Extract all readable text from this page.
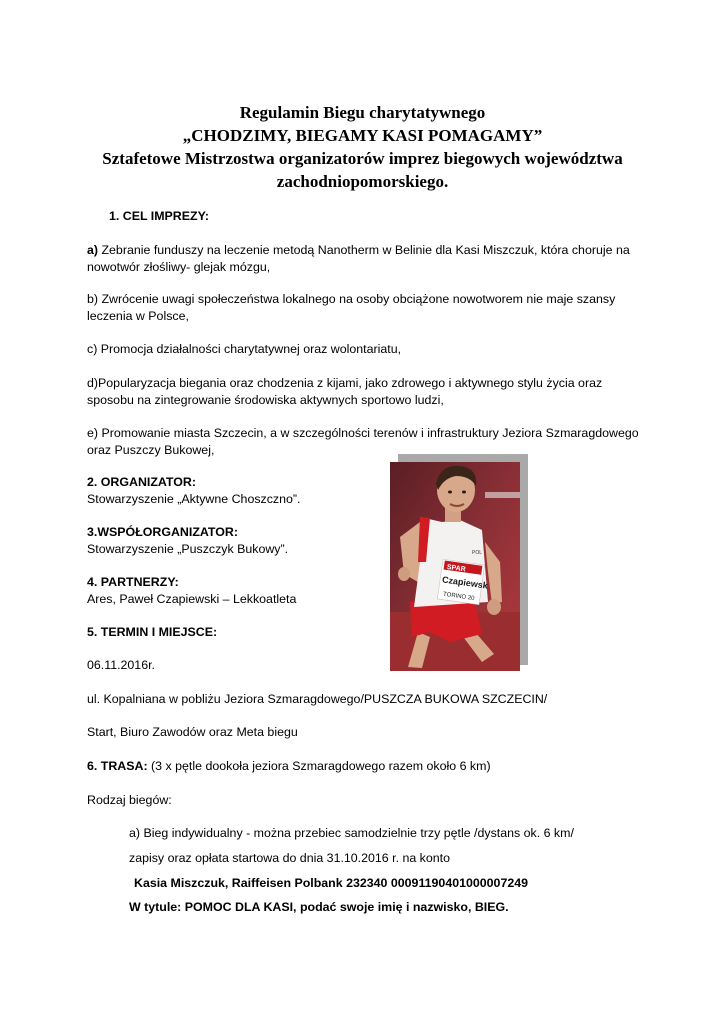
Regulamin Biegu charytatywnego
„CHODZIMY, BIEGAMY KASI POMAGAMY”
Sztafetowe Mistrzostwa organizatorów imprez biegowych województwa
zachodniopomorskiego.
1. CEL IMPREZY:
a) Zebranie funduszy na leczenie metodą Nanotherm w Belinie dla Kasi Miszczuk, która choruje na
nowotwór złośliwy- glejak mózgu,
b) Zwrócenie uwagi społeczeństwa lokalnego na osoby obciążone nowotworem nie maje szansy
leczenia w Polsce,
c) Promocja działalności charytatywnej oraz wolontariatu,
d)Popularyzacja biegania oraz chodzenia z kijami, jako zdrowego i aktywnego stylu życia oraz
sposobu na zintegrowanie środowiska aktywnych sportowo ludzi,
e) Promowanie miasta Szczecin, a w szczególności terenów i infrastruktury Jeziora Szmaragdowego
oraz Puszczy Bukowej,
2. ORGANIZATOR:
Stowarzyszenie „Aktywne Choszczno”.
3.WSPÓŁORGANIZATOR:
Stowarzyszenie „Puszczyk Bukowy”.
4. PARTNERZY:
Ares, Paweł Czapiewski – Lekkoatleta
5. TERMIN I MIEJSCE:
06.11.2016r.
ul. Kopalniana w pobliżu Jeziora Szmaragdowego/PUSZCZA BUKOWA SZCZECIN/
Start, Biuro Zawodów oraz Meta biegu
6. TRASA: (3 x pętle dookoła jeziora Szmaragdowego razem około 6 km)
Rodzaj biegów:
a) Bieg indywidualny - można przebiec samodzielnie trzy pętle /dystans ok. 6 km/
zapisy oraz opłata startowa do dnia 31.10.2016 r. na konto
Kasia Miszczuk, Raiffeisen Polbank 232340 00091190401000007249
W tytule: POMOC DLA KASI, podać swoje imię i nazwisko, BIEG.
SPAR
Czapiewsk
TORINO 20
POL
